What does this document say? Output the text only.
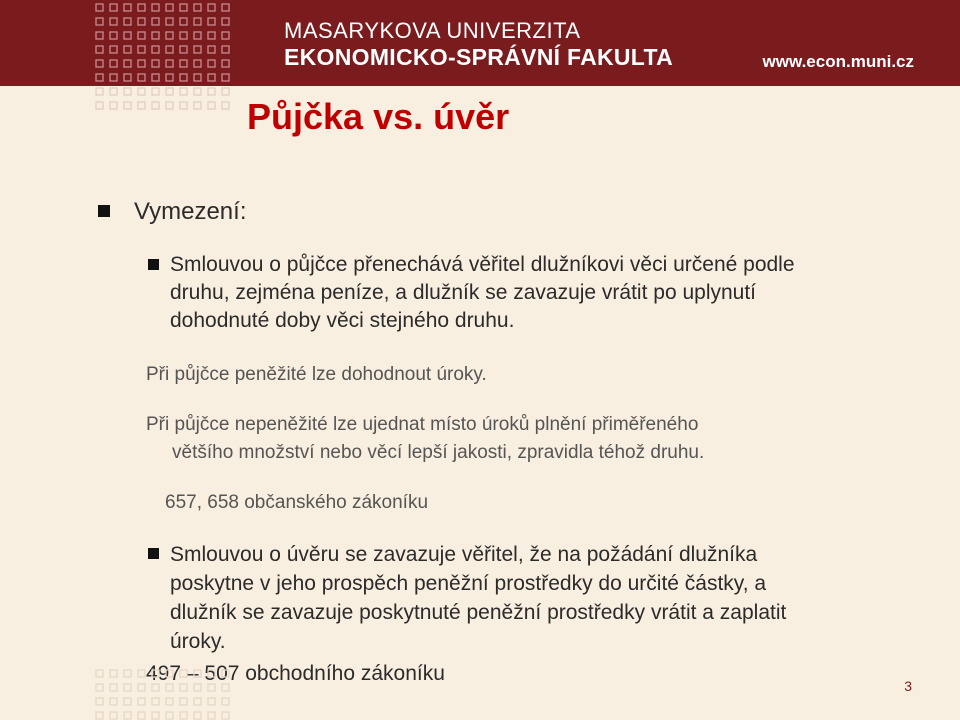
MASARYKOVA UNIVERZITA
EKONOMICKO-SPRÁVNÍ FAKULTA	www.econ.muni.cz
Půjčka vs. úvěr
Vymezení:
Smlouvou o půjčce přenechává věřitel dlužníkovi věci určené podle
druhu, zejména peníze, a dlužník se zavazuje vrátit po uplynutí
dohodnuté doby věci stejného druhu.
Při půjčce peněžité lze dohodnout úroky.
Při půjčce nepeněžité lze ujednat místo úroků plnění přiměřeného
většího množství nebo věcí lepší jakosti, zpravidla téhož druhu.
657, 658 občanského zákoníku
Smlouvou o úvěru se zavazuje věřitel, že na požádání dlužníka
poskytne v jeho prospěch peněžní prostředky do určité částky, a
dlužník se zavazuje poskytnuté peněžní prostředky vrátit a zaplatit
úroky.
497 – 507 obchodního zákoníku
3
